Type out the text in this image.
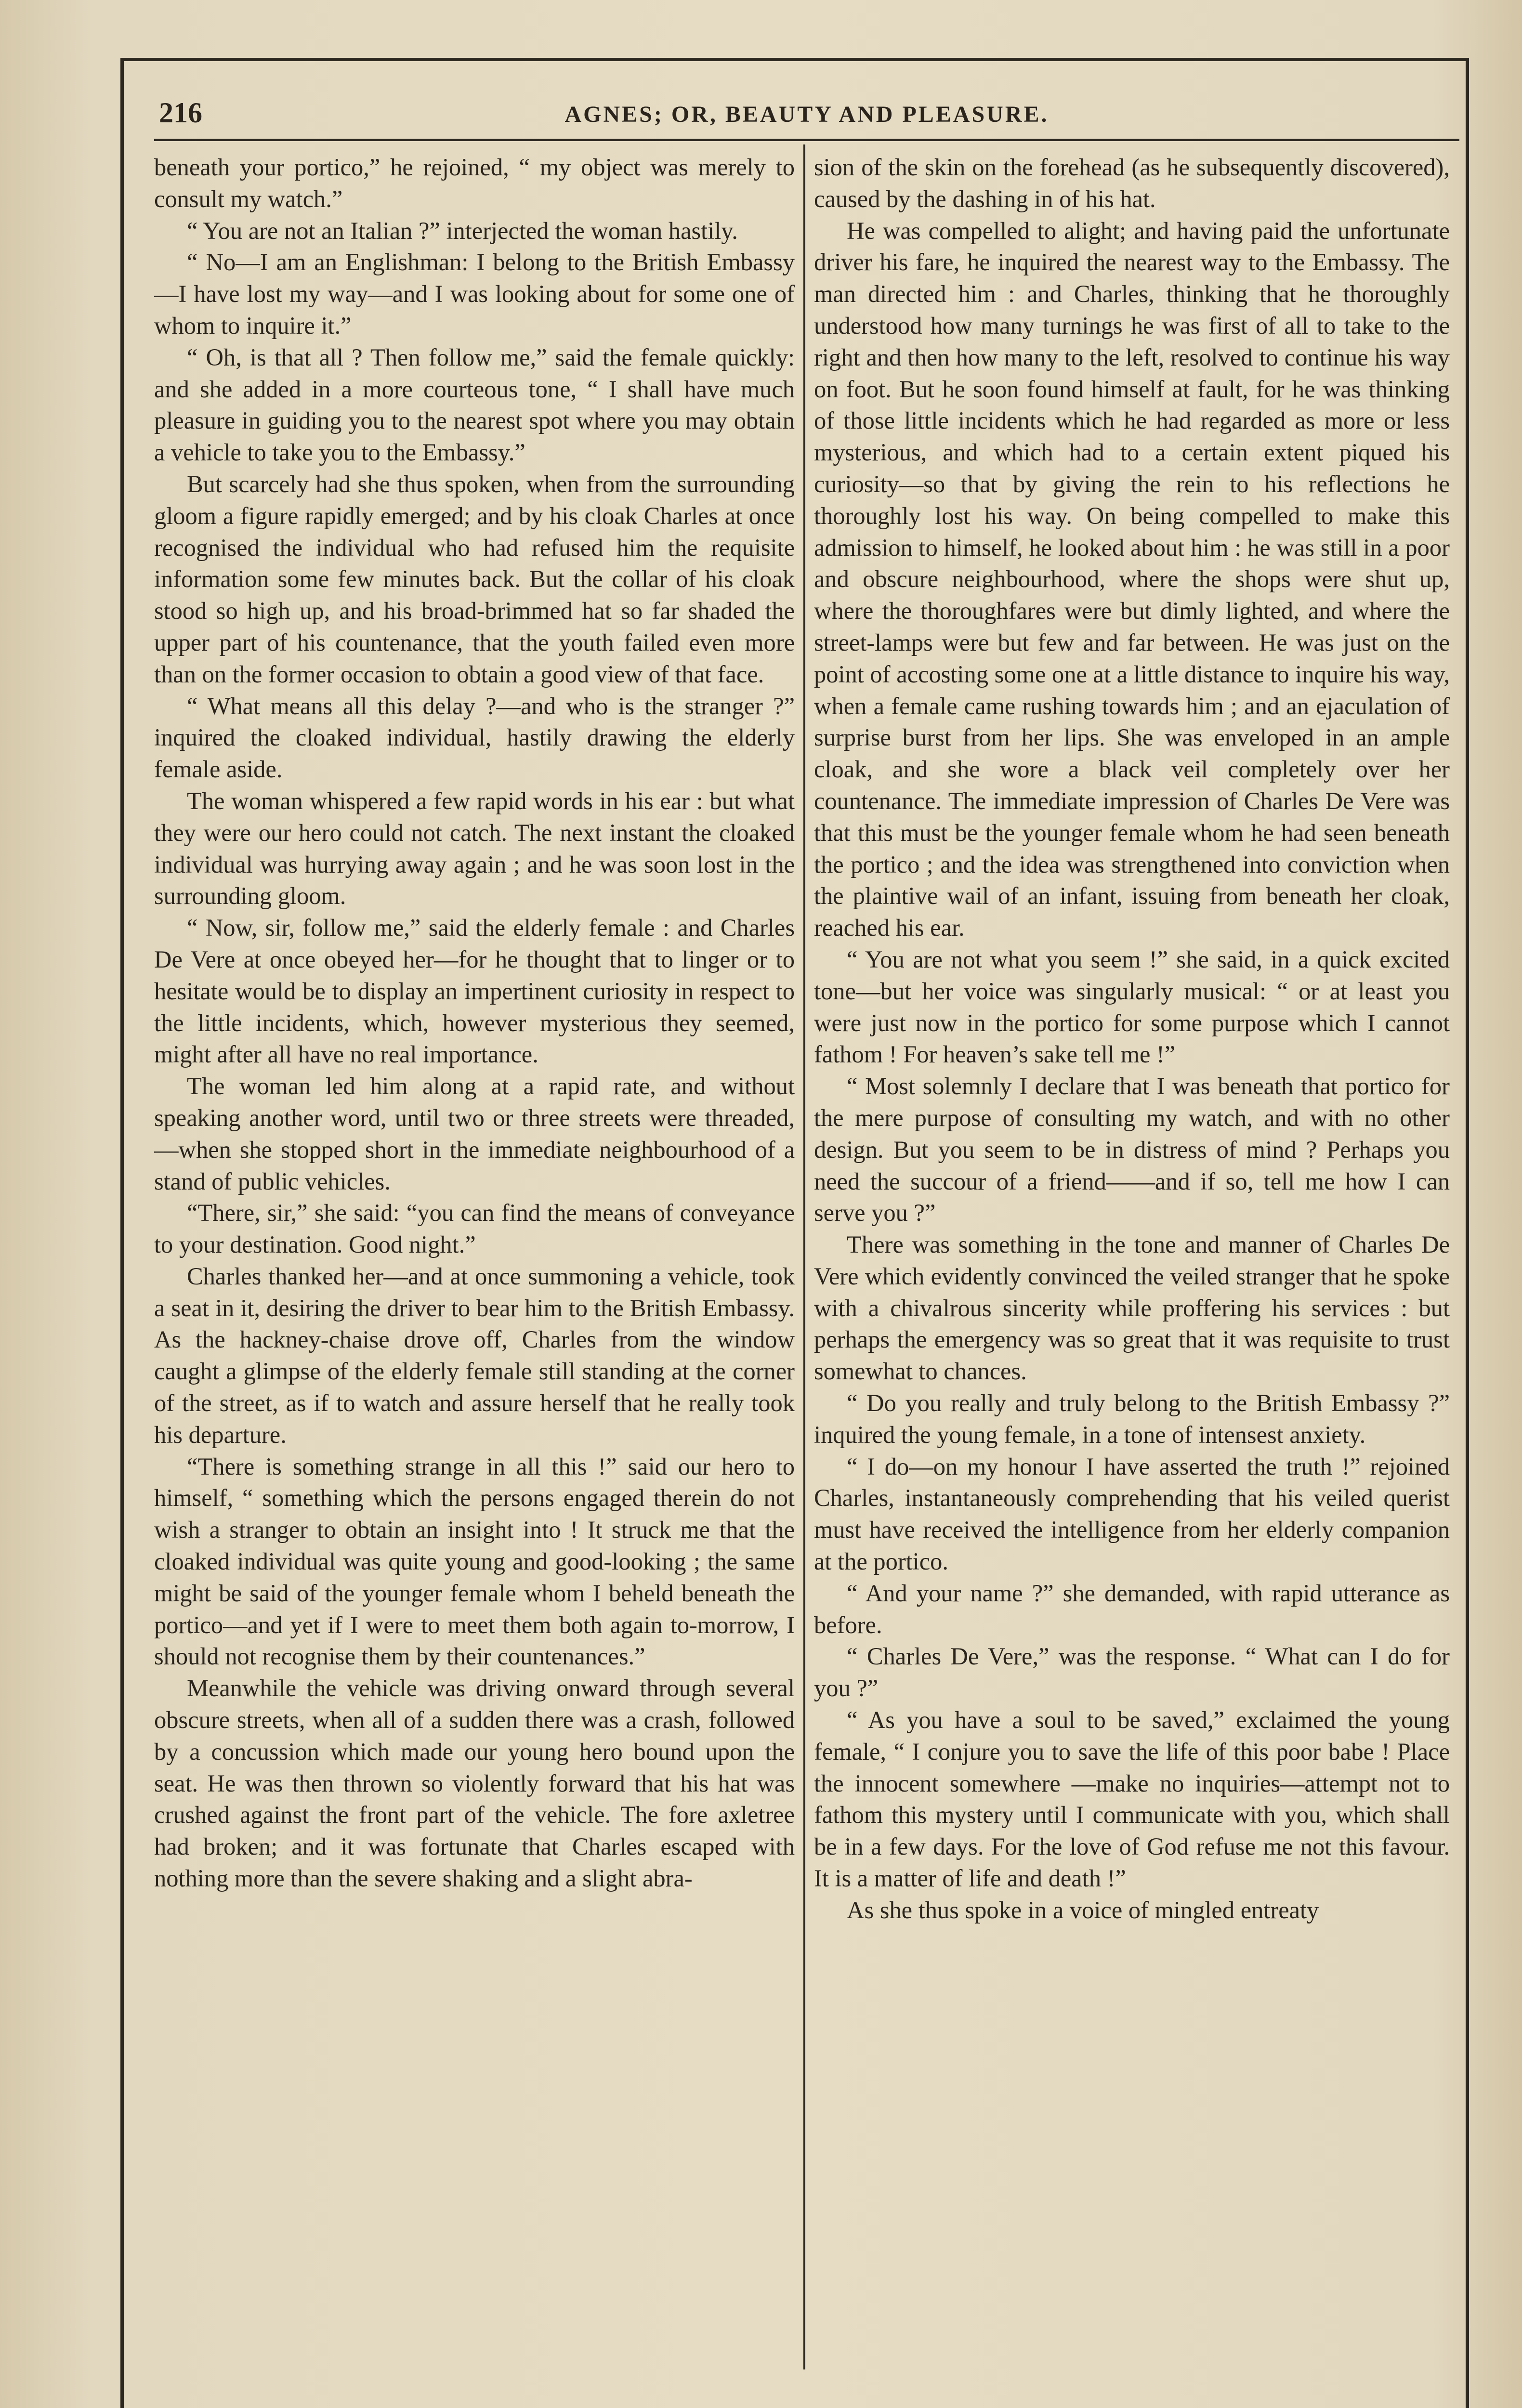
216	AGNES; OR, BEAUTY AND PLEASURE.

beneath your portico,” he rejoined, “ my object was merely to consult my watch.”

“ You are not an Italian ?” interjected the woman hastily.

“ No—I am an Englishman: I belong to the British Embassy—I have lost my way—and I was looking about for some one of whom to inquire it.”

“ Oh, is that all ? Then follow me,” said the female quickly: and she added in a more courteous tone, “ I shall have much pleasure in guiding you to the nearest spot where you may obtain a vehicle to take you to the Embassy.”

But scarcely had she thus spoken, when from the surrounding gloom a figure rapidly emerged; and by his cloak Charles at once recognised the individual who had refused him the requisite information some few minutes back. But the collar of his cloak stood so high up, and his broad-brimmed hat so far shaded the upper part of his countenance, that the youth failed even more than on the former occasion to obtain a good view of that face.

“ What means all this delay ?—and who is the stranger ?” inquired the cloaked individual, hastily drawing the elderly female aside.

The woman whispered a few rapid words in his ear : but what they were our hero could not catch. The next instant the cloaked individual was hurrying away again ; and he was soon lost in the surrounding gloom.

“ Now, sir, follow me,” said the elderly female : and Charles De Vere at once obeyed her—for he thought that to linger or to hesitate would be to display an impertinent curiosity in respect to the little incidents, which, however mysterious they seemed, might after all have no real importance.

The woman led him along at a rapid rate, and without speaking another word, until two or three streets were threaded,—when she stopped short in the immediate neighbourhood of a stand of public vehicles.

“There, sir,” she said: “you can find the means of conveyance to your destination. Good night.”

Charles thanked her—and at once summoning a vehicle, took a seat in it, desiring the driver to bear him to the British Embassy. As the hackney-chaise drove off, Charles from the window caught a glimpse of the elderly female still standing at the corner of the street, as if to watch and assure herself that he really took his departure.

“There is something strange in all this !” said our hero to himself, “ something which the persons engaged therein do not wish a stranger to obtain an insight into ! It struck me that the cloaked individual was quite young and good-looking ; the same might be said of the younger female whom I beheld beneath the portico—and yet if I were to meet them both again to-morrow, I should not recognise them by their countenances.”

Meanwhile the vehicle was driving onward through several obscure streets, when all of a sudden there was a crash, followed by a concussion which made our young hero bound upon the seat. He was then thrown so violently forward that his hat was crushed against the front part of the vehicle. The fore axletree had broken; and it was fortunate that Charles escaped with nothing more than the severe shaking and a slight abra-

sion of the skin on the forehead (as he subsequently discovered), caused by the dashing in of his hat.

He was compelled to alight; and having paid the unfortunate driver his fare, he inquired the nearest way to the Embassy. The man directed him : and Charles, thinking that he thoroughly understood how many turnings he was first of all to take to the right and then how many to the left, resolved to continue his way on foot. But he soon found himself at fault, for he was thinking of those little incidents which he had regarded as more or less mysterious, and which had to a certain extent piqued his curiosity—so that by giving the rein to his reflections he thoroughly lost his way. On being compelled to make this admission to himself, he looked about him : he was still in a poor and obscure neighbourhood, where the shops were shut up, where the thoroughfares were but dimly lighted, and where the street-lamps were but few and far between. He was just on the point of accosting some one at a little distance to inquire his way, when a female came rushing towards him ; and an ejaculation of surprise burst from her lips. She was enveloped in an ample cloak, and she wore a black veil completely over her countenance. The immediate impression of Charles De Vere was that this must be the younger female whom he had seen beneath the portico ; and the idea was strengthened into conviction when the plaintive wail of an infant, issuing from beneath her cloak, reached his ear.

“ You are not what you seem !” she said, in a quick excited tone—but her voice was singularly musical: “ or at least you were just now in the portico for some purpose which I cannot fathom ! For heaven’s sake tell me !”

“ Most solemnly I declare that I was beneath that portico for the mere purpose of consulting my watch, and with no other design. But you seem to be in distress of mind ? Perhaps you need the succour of a friend——and if so, tell me how I can serve you ?”

There was something in the tone and manner of Charles De Vere which evidently convinced the veiled stranger that he spoke with a chivalrous sincerity while proffering his services : but perhaps the emergency was so great that it was requisite to trust somewhat to chances.

“ Do you really and truly belong to the British Embassy ?” inquired the young female, in a tone of intensest anxiety.

“ I do—on my honour I have asserted the truth !” rejoined Charles, instantaneously comprehending that his veiled querist must have received the intelligence from her elderly companion at the portico.

“ And your name ?” she demanded, with rapid utterance as before.

“ Charles De Vere,” was the response. “ What can I do for you ?”

“ As you have a soul to be saved,” exclaimed the young female, “ I conjure you to save the life of this poor babe ! Place the innocent somewhere —make no inquiries—attempt not to fathom this mystery until I communicate with you, which shall be in a few days. For the love of God refuse me not this favour. It is a matter of life and death !”

As she thus spoke in a voice of mingled entreaty
